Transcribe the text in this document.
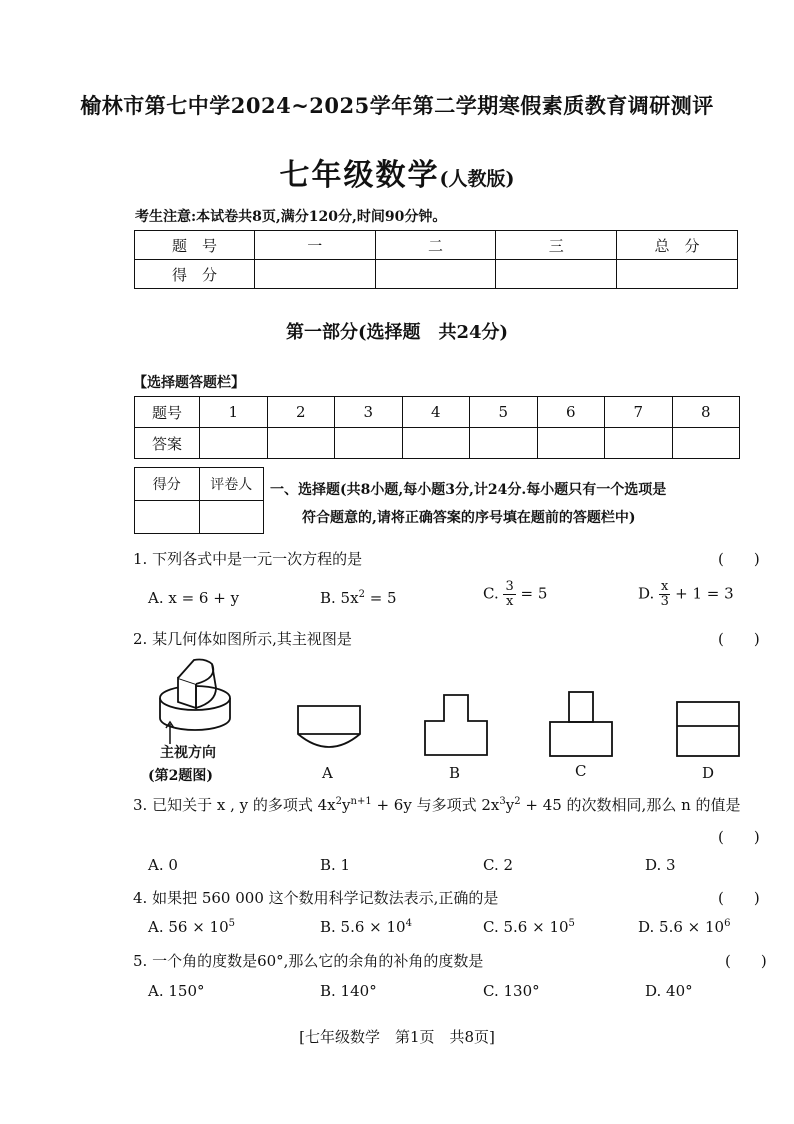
榆林市第七中学2024~2025学年第二学期寒假素质教育调研测评
七年级数学(人教版)
考生注意:本试卷共8页,满分120分,时间90分钟。
题　号	一	二	三	总　分
得　分				
第一部分(选择题　共24分)
【选择题答题栏】
题号	1	2	3	4	5	6	7	8
答案								
得分	评卷人
	一、选择题(共8小题,每小题3分,计24分.每小题只有一个选项是
符合题意的,请将正确答案的序号填在题前的答题栏中)
1. 下列各式中是一元一次方程的是	(　　)
A. x = 6 + y	B. $5x^2 = 5$	C. $\frac{3}{x} = 5$	D. $\frac{x}{3} + 1 = 3$
2. 某几何体如图所示,其主视图是	(　　)
主视方向
(第2题图)	A	B	C	D
3. 已知关于 x , y 的多项式 $4x^2y^{n+1} + 6y$ 与多项式 $2x^3y^2 + 45$ 的次数相同,那么 n 的值是
(　　)
A. 0	B. 1	C. 2	D. 3
4. 如果把 560 000 这个数用科学记数法表示,正确的是	(　　)
A. $56 \times 10^5$	B. $5.6 \times 10^4$	C. $5.6 \times 10^5$	D. $5.6 \times 10^6$
5. 一个角的度数是60°,那么它的余角的补角的度数是	(　　)
A. 150°	B. 140°	C. 130°	D. 40°
[七年级数学　第1页　共8页]
